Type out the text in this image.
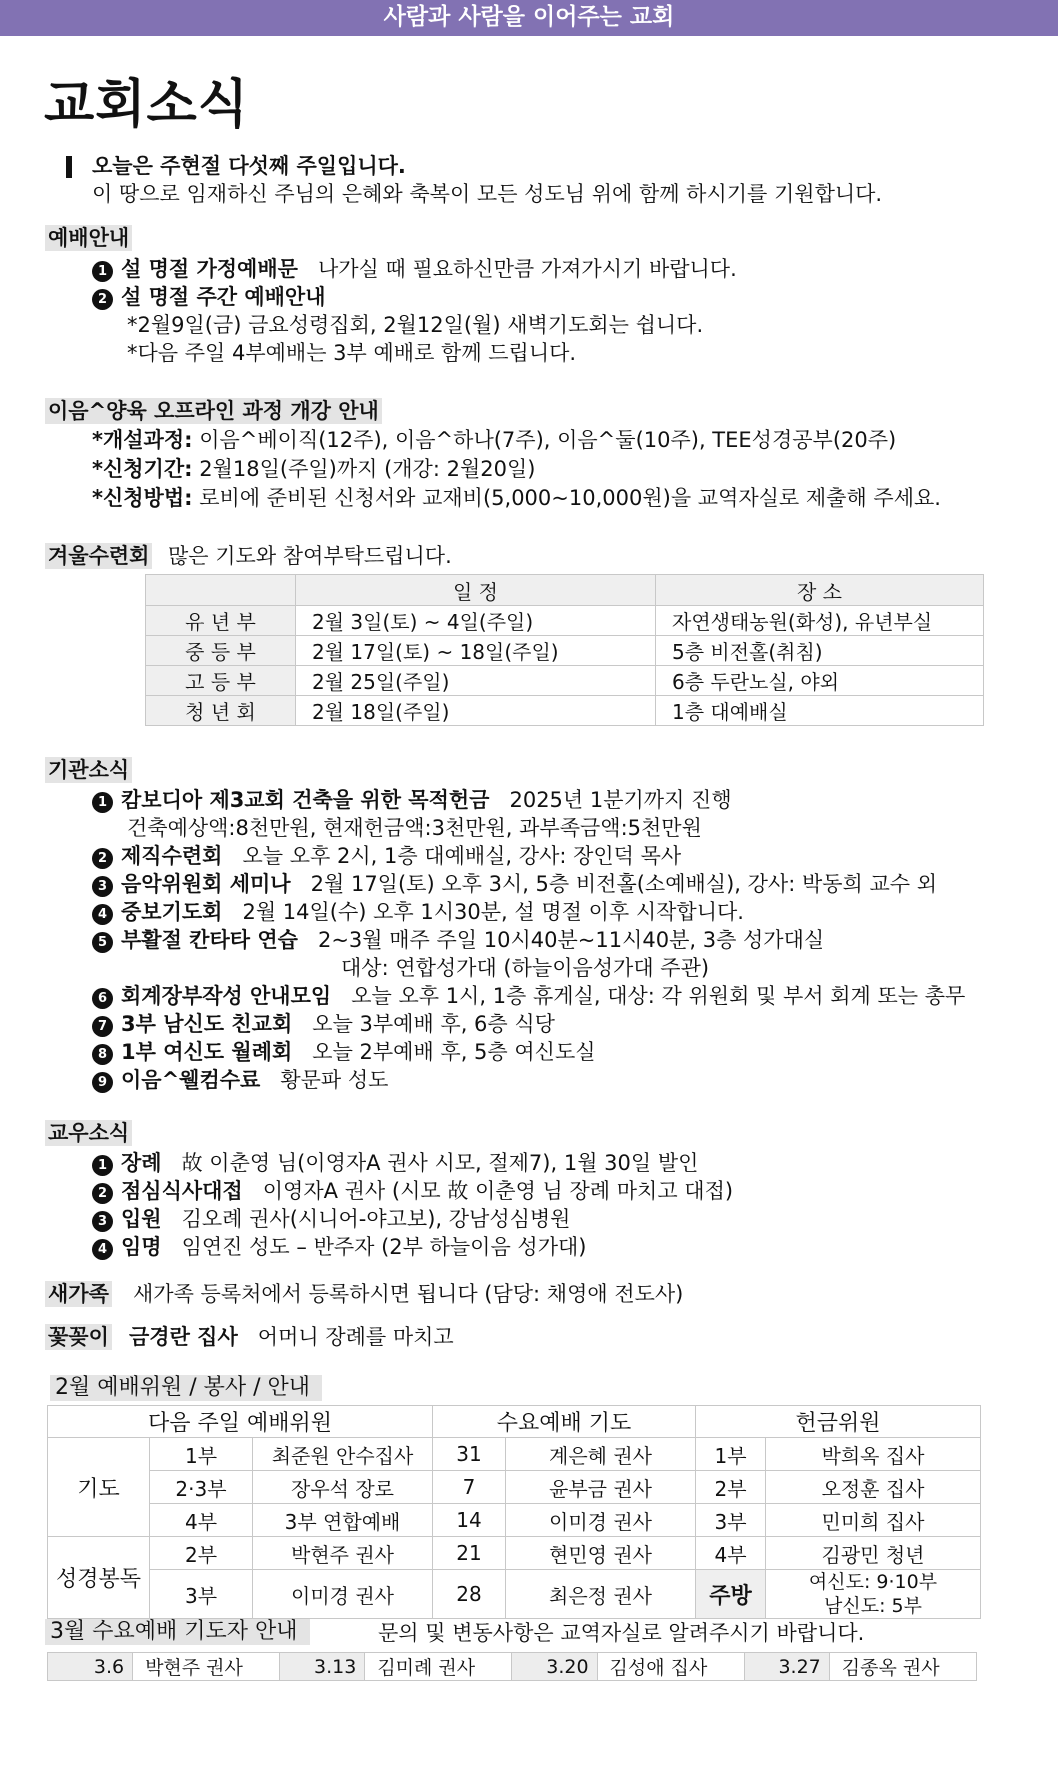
사람과 사람을 이어주는 교회
교회소식
오늘은 주현절 다섯째 주일입니다.
이 땅으로 임재하신 주님의 은혜와 축복이 모든 성도님 위에 함께 하시기를 기원합니다.
예배안내
1 설 명절 가정예배문 나가실 때 필요하신만큼 가져가시기 바랍니다.
2 설 명절 주간 예배안내
*2월9일(금) 금요성령집회, 2월12일(월) 새벽기도회는 쉽니다.
*다음 주일 4부예배는 3부 예배로 함께 드립니다.
이음^양육 오프라인 과정 개강 안내
*개설과정: 이음^베이직(12주), 이음^하나(7주), 이음^둘(10주), TEE성경공부(20주)
*신청기간: 2월18일(주일)까지 (개강: 2월20일)
*신청방법: 로비에 준비된 신청서와 교재비(5,000~10,000원)을 교역자실로 제출해 주세요.
겨울수련회 많은 기도와 참여부탁드립니다.
	일 정	장 소
유 년 부	2월 3일(토) ~ 4일(주일)	자연생태농원(화성), 유년부실
중 등 부	2월 17일(토) ~ 18일(주일)	5층 비전홀(취침)
고 등 부	2월 25일(주일)	6층 두란노실, 야외
청 년 회	2월 18일(주일)	1층 대예배실
기관소식
1 캄보디아 제3교회 건축을 위한 목적헌금 2025년 1분기까지 진행
건축예상액:8천만원, 현재헌금액:3천만원, 과부족금액:5천만원
2 제직수련회 오늘 오후 2시, 1층 대예배실, 강사: 장인덕 목사
3 음악위원회 세미나 2월 17일(토) 오후 3시, 5층 비전홀(소예배실), 강사: 박동희 교수 외
4 중보기도회 2월 14일(수) 오후 1시30분, 설 명절 이후 시작합니다.
5 부활절 칸타타 연습 2~3월 매주 주일 10시40분~11시40분, 3층 성가대실
대상: 연합성가대 (하늘이음성가대 주관)
6 회계장부작성 안내모임 오늘 오후 1시, 1층 휴게실, 대상: 각 위원회 및 부서 회계 또는 총무
7 3부 남신도 친교회 오늘 3부예배 후, 6층 식당
8 1부 여신도 월례회 오늘 2부예배 후, 5층 여신도실
9 이음^웰컴수료 황문파 성도
교우소식
1 장례 故 이춘영 님(이영자A 권사 시모, 절제7), 1월 30일 발인
2 점심식사대접 이영자A 권사 (시모 故 이춘영 님 장례 마치고 대접)
3 입원 김오례 권사(시니어-야고보), 강남성심병원
4 임명 임연진 성도 – 반주자 (2부 하늘이음 성가대)
새가족 새가족 등록처에서 등록하시면 됩니다 (담당: 채영애 전도사)
꽃꽂이 금경란 집사 어머니 장례를 마치고
2월 예배위원 / 봉사 / 안내
다음 주일 예배위원			수요예배 기도		헌금위원	
기도	1부	최준원 안수집사	31	계은혜 권사	1부	박희옥 집사
	2·3부	장우석 장로	7	윤부금 권사	2부	오정훈 집사
	4부	3부 연합예배	14	이미경 권사	3부	민미희 집사
성경봉독	2부	박현주 권사	21	현민영 권사	4부	김광민 청년
	3부	이미경 권사	28	최은정 권사	주방	여신도: 9·10부
남신도: 5부
3월 수요예배 기도자 안내	문의 및 변동사항은 교역자실로 알려주시기 바랍니다.
3.6	박현주 권사	3.13	김미례 권사	3.20	김성애 집사	3.27	김종옥 권사
